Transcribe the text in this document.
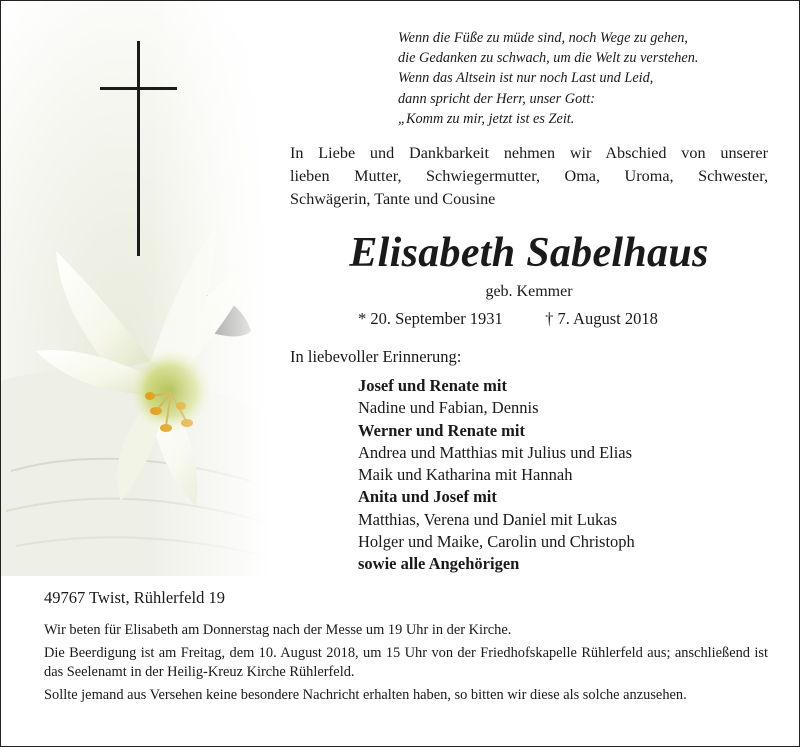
Wenn die Füße zu müde sind, noch Wege zu gehen,
die Gedanken zu schwach, um die Welt zu verstehen.
Wenn das Altsein ist nur noch Last und Leid,
dann spricht der Herr, unser Gott:
„Komm zu mir, jetzt ist es Zeit.
In Liebe und Dankbarkeit nehmen wir Abschied von unserer
lieben Mutter, Schwiegermutter, Oma, Uroma, Schwester,
Schwägerin, Tante und Cousine
Elisabeth Sabelhaus
geb. Kemmer
* 20. September 1931	† 7. August 2018
In liebevoller Erinnerung:
Josef und Renate mit
Nadine und Fabian, Dennis
Werner und Renate mit
Andrea und Matthias mit Julius und Elias
Maik und Katharina mit Hannah
Anita und Josef mit
Matthias, Verena und Daniel mit Lukas
Holger und Maike, Carolin und Christoph
sowie alle Angehörigen
49767 Twist, Rühlerfeld 19

Wir beten für Elisabeth am Donnerstag nach der Messe um 19 Uhr in der Kirche.

Die Beerdigung ist am Freitag, dem 10. August 2018, um 15 Uhr von der Friedhofskapelle Rühlerfeld aus; anschließend ist das Seelenamt in der Heilig-Kreuz Kirche Rühlerfeld.

Sollte jemand aus Versehen keine besondere Nachricht erhalten haben, so bitten wir diese als solche anzusehen.
